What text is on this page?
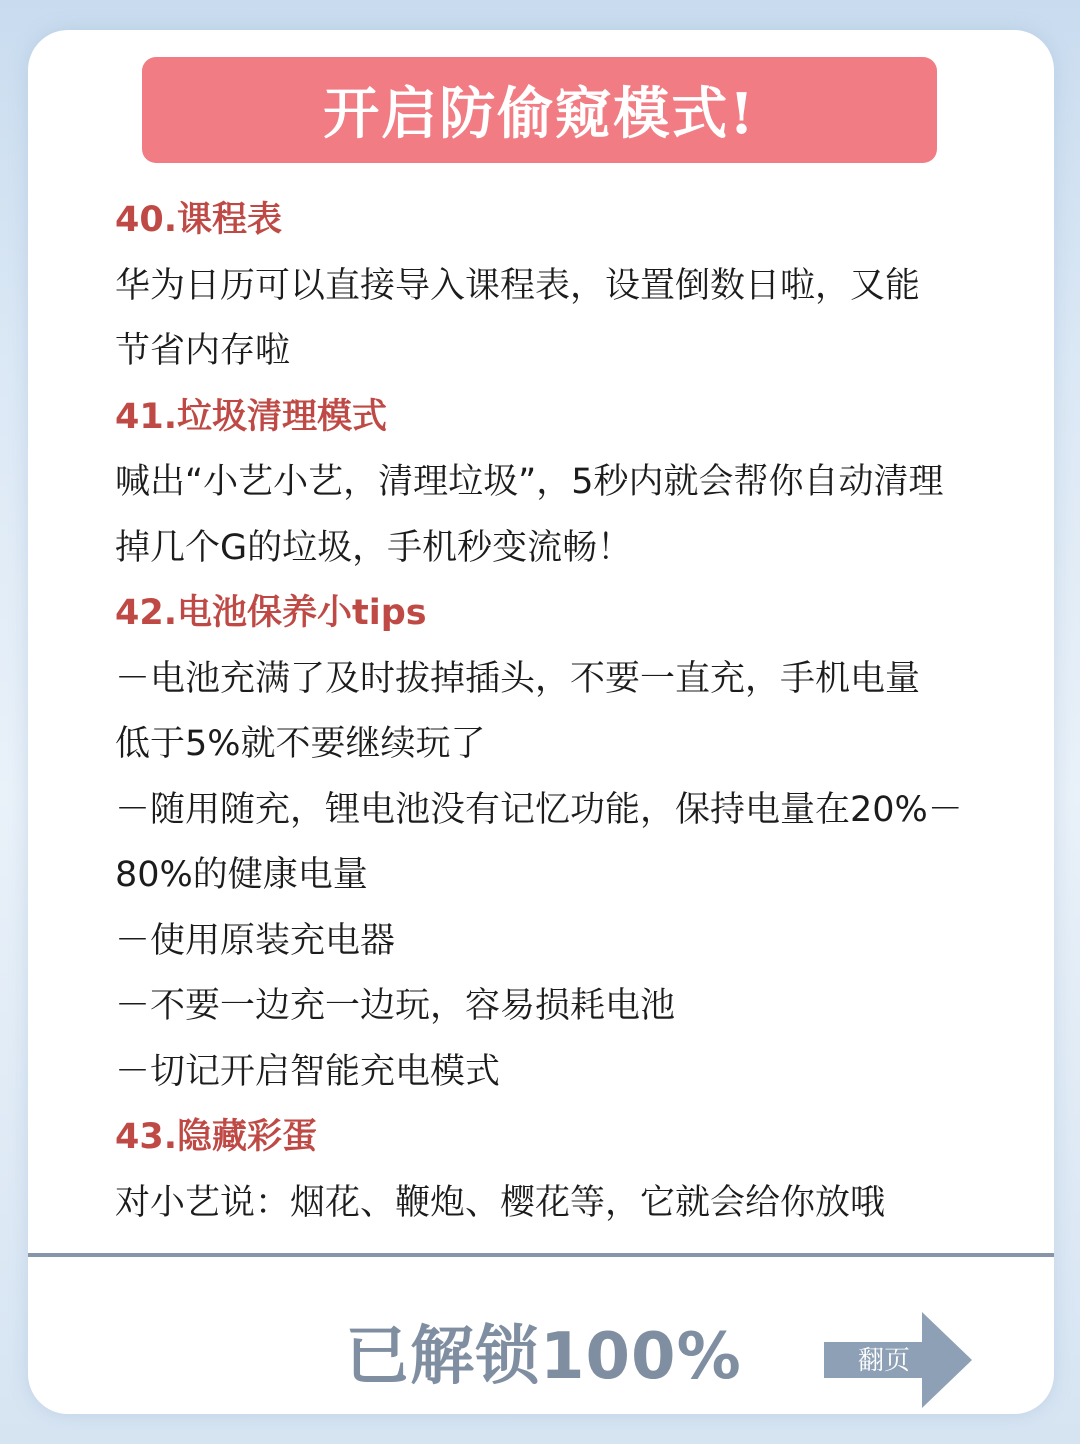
开启防偷窥模式!
40.课程表
华为日历可以直接导入课程表，设置倒数日啦，又能
节省内存啦
41.垃圾清理模式
喊出“小艺小艺，清理垃圾”，5秒内就会帮你自动清理
掉几个G的垃圾，手机秒变流畅！
42.电池保养小tips
－电池充满了及时拔掉插头，不要一直充，手机电量
低于5%就不要继续玩了
－随用随充，锂电池没有记忆功能，保持电量在20%－
80%的健康电量
－使用原装充电器
－不要一边充一边玩，容易损耗电池
－切记开启智能充电模式
43.隐藏彩蛋
对小艺说：烟花、鞭炮、樱花等，它就会给你放哦
已解锁100%	翻页
